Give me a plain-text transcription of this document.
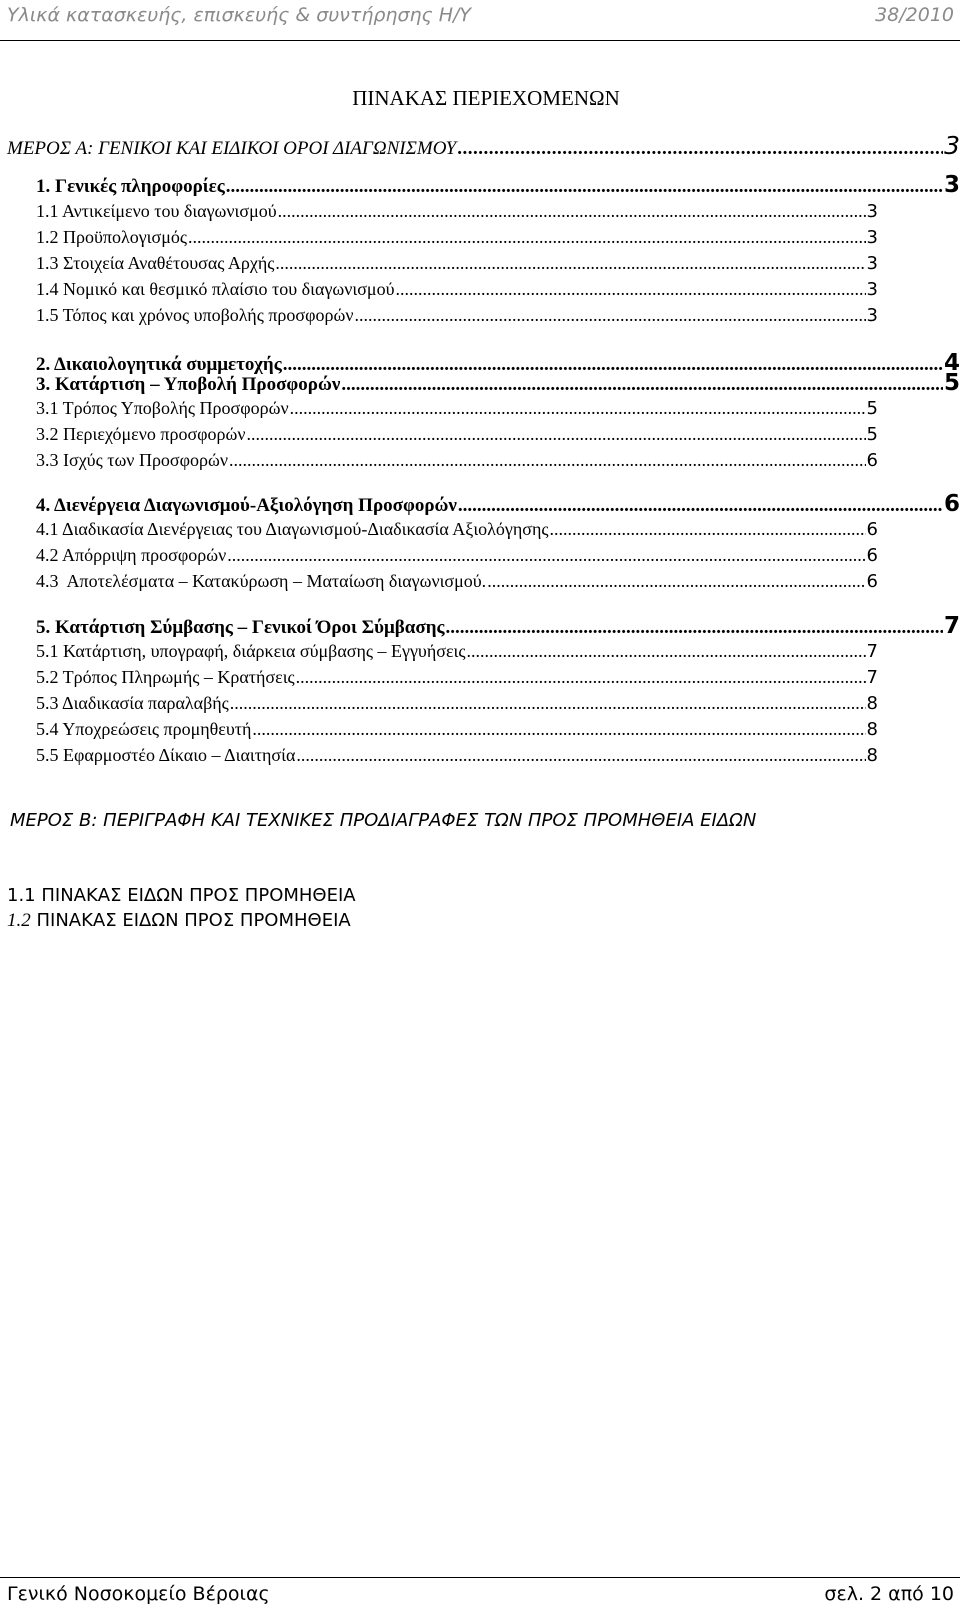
Υλικά κατασκευής, επισκευής & συντήρησης Η/Υ	38/2010
ΠΙΝΑΚΑΣ ΠΕΡΙΕΧΟΜΕΝΩΝ
ΜΕΡΟΣ Α: ΓΕΝΙΚΟΙ ΚΑΙ ΕΙΔΙΚΟΙ ΟΡΟΙ ΔΙΑΓΩΝΙΣΜΟΥ .....	3
1. Γενικές πληροφορίες .....	3
1.1 Αντικείμενο του διαγωνισμού .....	3
1.2 Προϋπολογισμός .....	3
1.3 Στοιχεία Αναθέτουσας Αρχής .....	3
1.4 Νομικό και θεσμικό πλαίσιο του διαγωνισμού .....	3
1.5 Τόπος και χρόνος υποβολής προσφορών .....	3
2. Δικαιολογητικά συμμετοχής .....	4
3. Κατάρτιση – Υποβολή Προσφορών .....	5
3.1 Τρόπος Υποβολής Προσφορών .....	5
3.2 Περιεχόμενο προσφορών .....	5
3.3 Ισχύς των Προσφορών .....	6
4. Διενέργεια Διαγωνισμού-Αξιολόγηση Προσφορών .....	6
4.1 Διαδικασία Διενέργειας του Διαγωνισμού-Διαδικασία Αξιολόγησης .....	6
4.2 Απόρριψη προσφορών .....	6
4.3  Αποτελέσματα – Κατακύρωση – Ματαίωση διαγωνισμού. .....	6
5. Κατάρτιση Σύμβασης – Γενικοί Όροι Σύμβασης .....	7
5.1 Κατάρτιση, υπογραφή, διάρκεια σύμβασης – Εγγυήσεις .....	7
5.2 Τρόπος Πληρωμής – Κρατήσεις .....	7
5.3 Διαδικασία παραλαβής .....	8
5.4 Υποχρεώσεις προμηθευτή .....	8
5.5 Εφαρμοστέο Δίκαιο – Διαιτησία .....	8
ΜΕΡΟΣ Β: ΠΕΡΙΓΡΑΦΗ ΚΑΙ ΤΕΧΝΙΚΕΣ ΠΡΟΔΙΑΓΡΑΦΕΣ ΤΩΝ ΠΡΟΣ ΠΡΟΜΗΘΕΙΑ ΕΙΔΩΝ
1.1 ΠΙΝΑΚΑΣ ΕΙΔΩΝ ΠΡΟΣ ΠΡΟΜΗΘΕΙΑ
1.2 ΠΙΝΑΚΑΣ ΕΙΔΩΝ ΠΡΟΣ ΠΡΟΜΗΘΕΙΑ
Γενικό Νοσοκομείο Βέροιας	σελ. 2 από 10
